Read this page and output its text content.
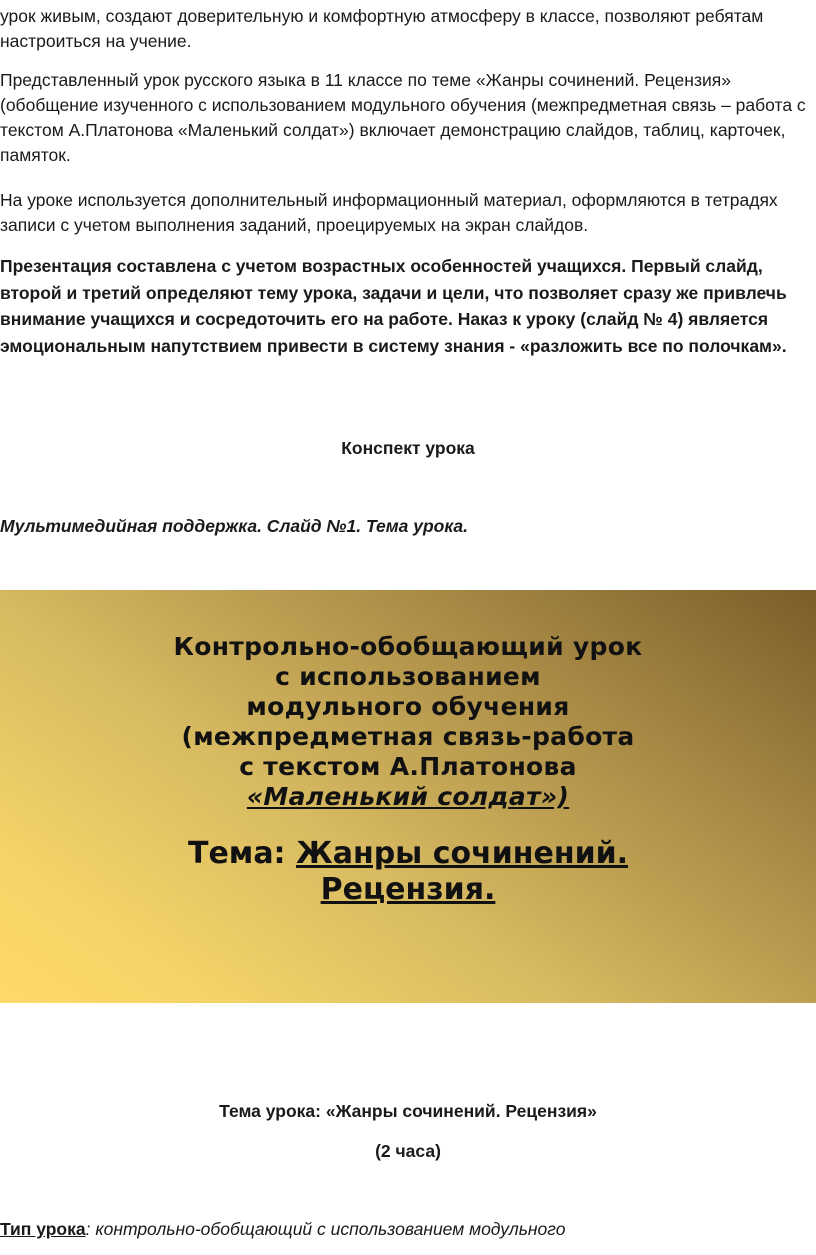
урок живым, создают доверительную и комфортную атмосферу в классе, позволяют ребятам настроиться на учение.

Представленный урок русского языка в 11 классе по теме «Жанры сочинений. Рецензия» (обобщение изученного с использованием модульного обучения (межпредметная связь – работа с текстом А.Платонова «Маленький солдат») включает демонстрацию слайдов, таблиц, карточек, памяток.

На уроке используется дополнительный информационный материал, оформляются в тетрадях записи с учетом выполнения заданий, проецируемых на экран слайдов.

Презентация составлена с учетом возрастных особенностей учащихся. Первый слайд, второй и третий определяют тему урока, задачи и цели, что позволяет сразу же привлечь внимание учащихся и сосредоточить его на работе. Наказ к уроку (слайд № 4) является эмоциональным напутствием привести в систему знания - «разложить все по полочкам».

Конспект урока

Мультимедийная поддержка. Слайд №1. Тема урока.

Контрольно-обобщающий урок
с использованием
модульного обучения
(межпредметная связь-работа
с текстом А.Платонова
«Маленький солдат»)
Тема: Жанры сочинений.
Рецензия.

Тема урока: «Жанры сочинений. Рецензия»

(2 часа)

Тип урока: контрольно-обобщающий с использованием модульного
